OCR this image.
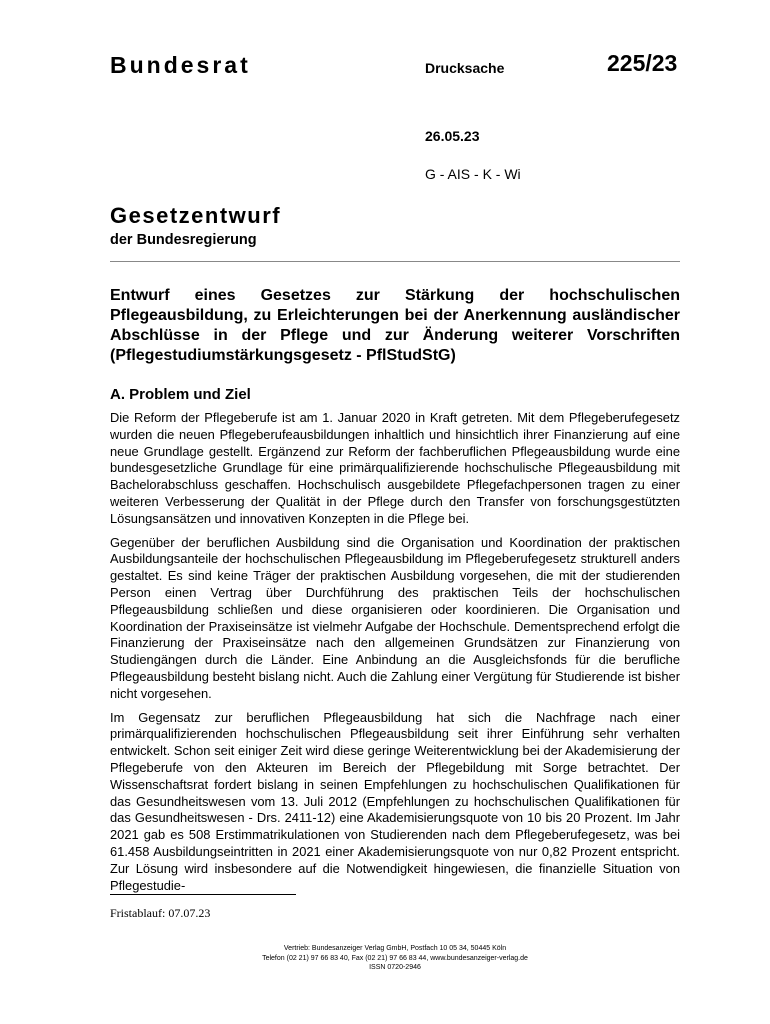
Bundesrat	Drucksache	225/23
26.05.23
G - AIS - K - Wi
Gesetzentwurf
der Bundesregierung
Entwurf eines Gesetzes zur Stärkung der hochschulischen Pflegeausbildung, zu Erleichterungen bei der Anerkennung ausländischer Abschlüsse in der Pflege und zur Änderung weiterer Vorschriften (Pflegestudiumstärkungsgesetz - PflStudStG)
A. Problem und Ziel

Die Reform der Pflegeberufe ist am 1. Januar 2020 in Kraft getreten. Mit dem Pflegeberufegesetz wurden die neuen Pflegeberufeausbildungen inhaltlich und hinsichtlich ihrer Finanzierung auf eine neue Grundlage gestellt. Ergänzend zur Reform der fachberuflichen Pflegeausbildung wurde eine bundesgesetzliche Grundlage für eine primärqualifizierende hochschulische Pflegeausbildung mit Bachelorabschluss geschaffen. Hochschulisch ausgebildete Pflegefachpersonen tragen zu einer weiteren Verbesserung der Qualität in der Pflege durch den Transfer von forschungsgestützten Lösungsansätzen und innovativen Konzepten in die Pflege bei.

Gegenüber der beruflichen Ausbildung sind die Organisation und Koordination der praktischen Ausbildungsanteile der hochschulischen Pflegeausbildung im Pflegeberufegesetz strukturell anders gestaltet. Es sind keine Träger der praktischen Ausbildung vorgesehen, die mit der studierenden Person einen Vertrag über Durchführung des praktischen Teils der hochschulischen Pflegeausbildung schließen und diese organisieren oder koordinieren. Die Organisation und Koordination der Praxiseinsätze ist vielmehr Aufgabe der Hochschule. Dementsprechend erfolgt die Finanzierung der Praxiseinsätze nach den allgemeinen Grundsätzen zur Finanzierung von Studiengängen durch die Länder. Eine Anbindung an die Ausgleichsfonds für die berufliche Pflegeausbildung besteht bislang nicht. Auch die Zahlung einer Vergütung für Studierende ist bisher nicht vorgesehen.

Im Gegensatz zur beruflichen Pflegeausbildung hat sich die Nachfrage nach einer primärqualifizierenden hochschulischen Pflegeausbildung seit ihrer Einführung sehr verhalten entwickelt. Schon seit einiger Zeit wird diese geringe Weiterentwicklung bei der Akademisierung der Pflegeberufe von den Akteuren im Bereich der Pflegebildung mit Sorge betrachtet. Der Wissenschaftsrat fordert bislang in seinen Empfehlungen zu hochschulischen Qualifikationen für das Gesundheitswesen vom 13. Juli 2012 (Empfehlungen zu hochschulischen Qualifikationen für das Gesundheitswesen - Drs. 2411-12) eine Akademisierungsquote von 10 bis 20 Prozent. Im Jahr 2021 gab es 508 Erstimmatrikulationen von Studierenden nach dem Pflegeberufegesetz, was bei 61.458 Ausbildungseintritten in 2021 einer Akademisierungsquote von nur 0,82 Prozent entspricht. Zur Lösung wird insbesondere auf die Notwendigkeit hingewiesen, die finanzielle Situation von Pflegestudie-

Fristablauf: 07.07.23
Vertrieb: Bundesanzeiger Verlag GmbH, Postfach 10 05 34, 50445 Köln
Telefon (02 21) 97 66 83 40, Fax (02 21) 97 66 83 44, www.bundesanzeiger-verlag.de
ISSN 0720-2946
